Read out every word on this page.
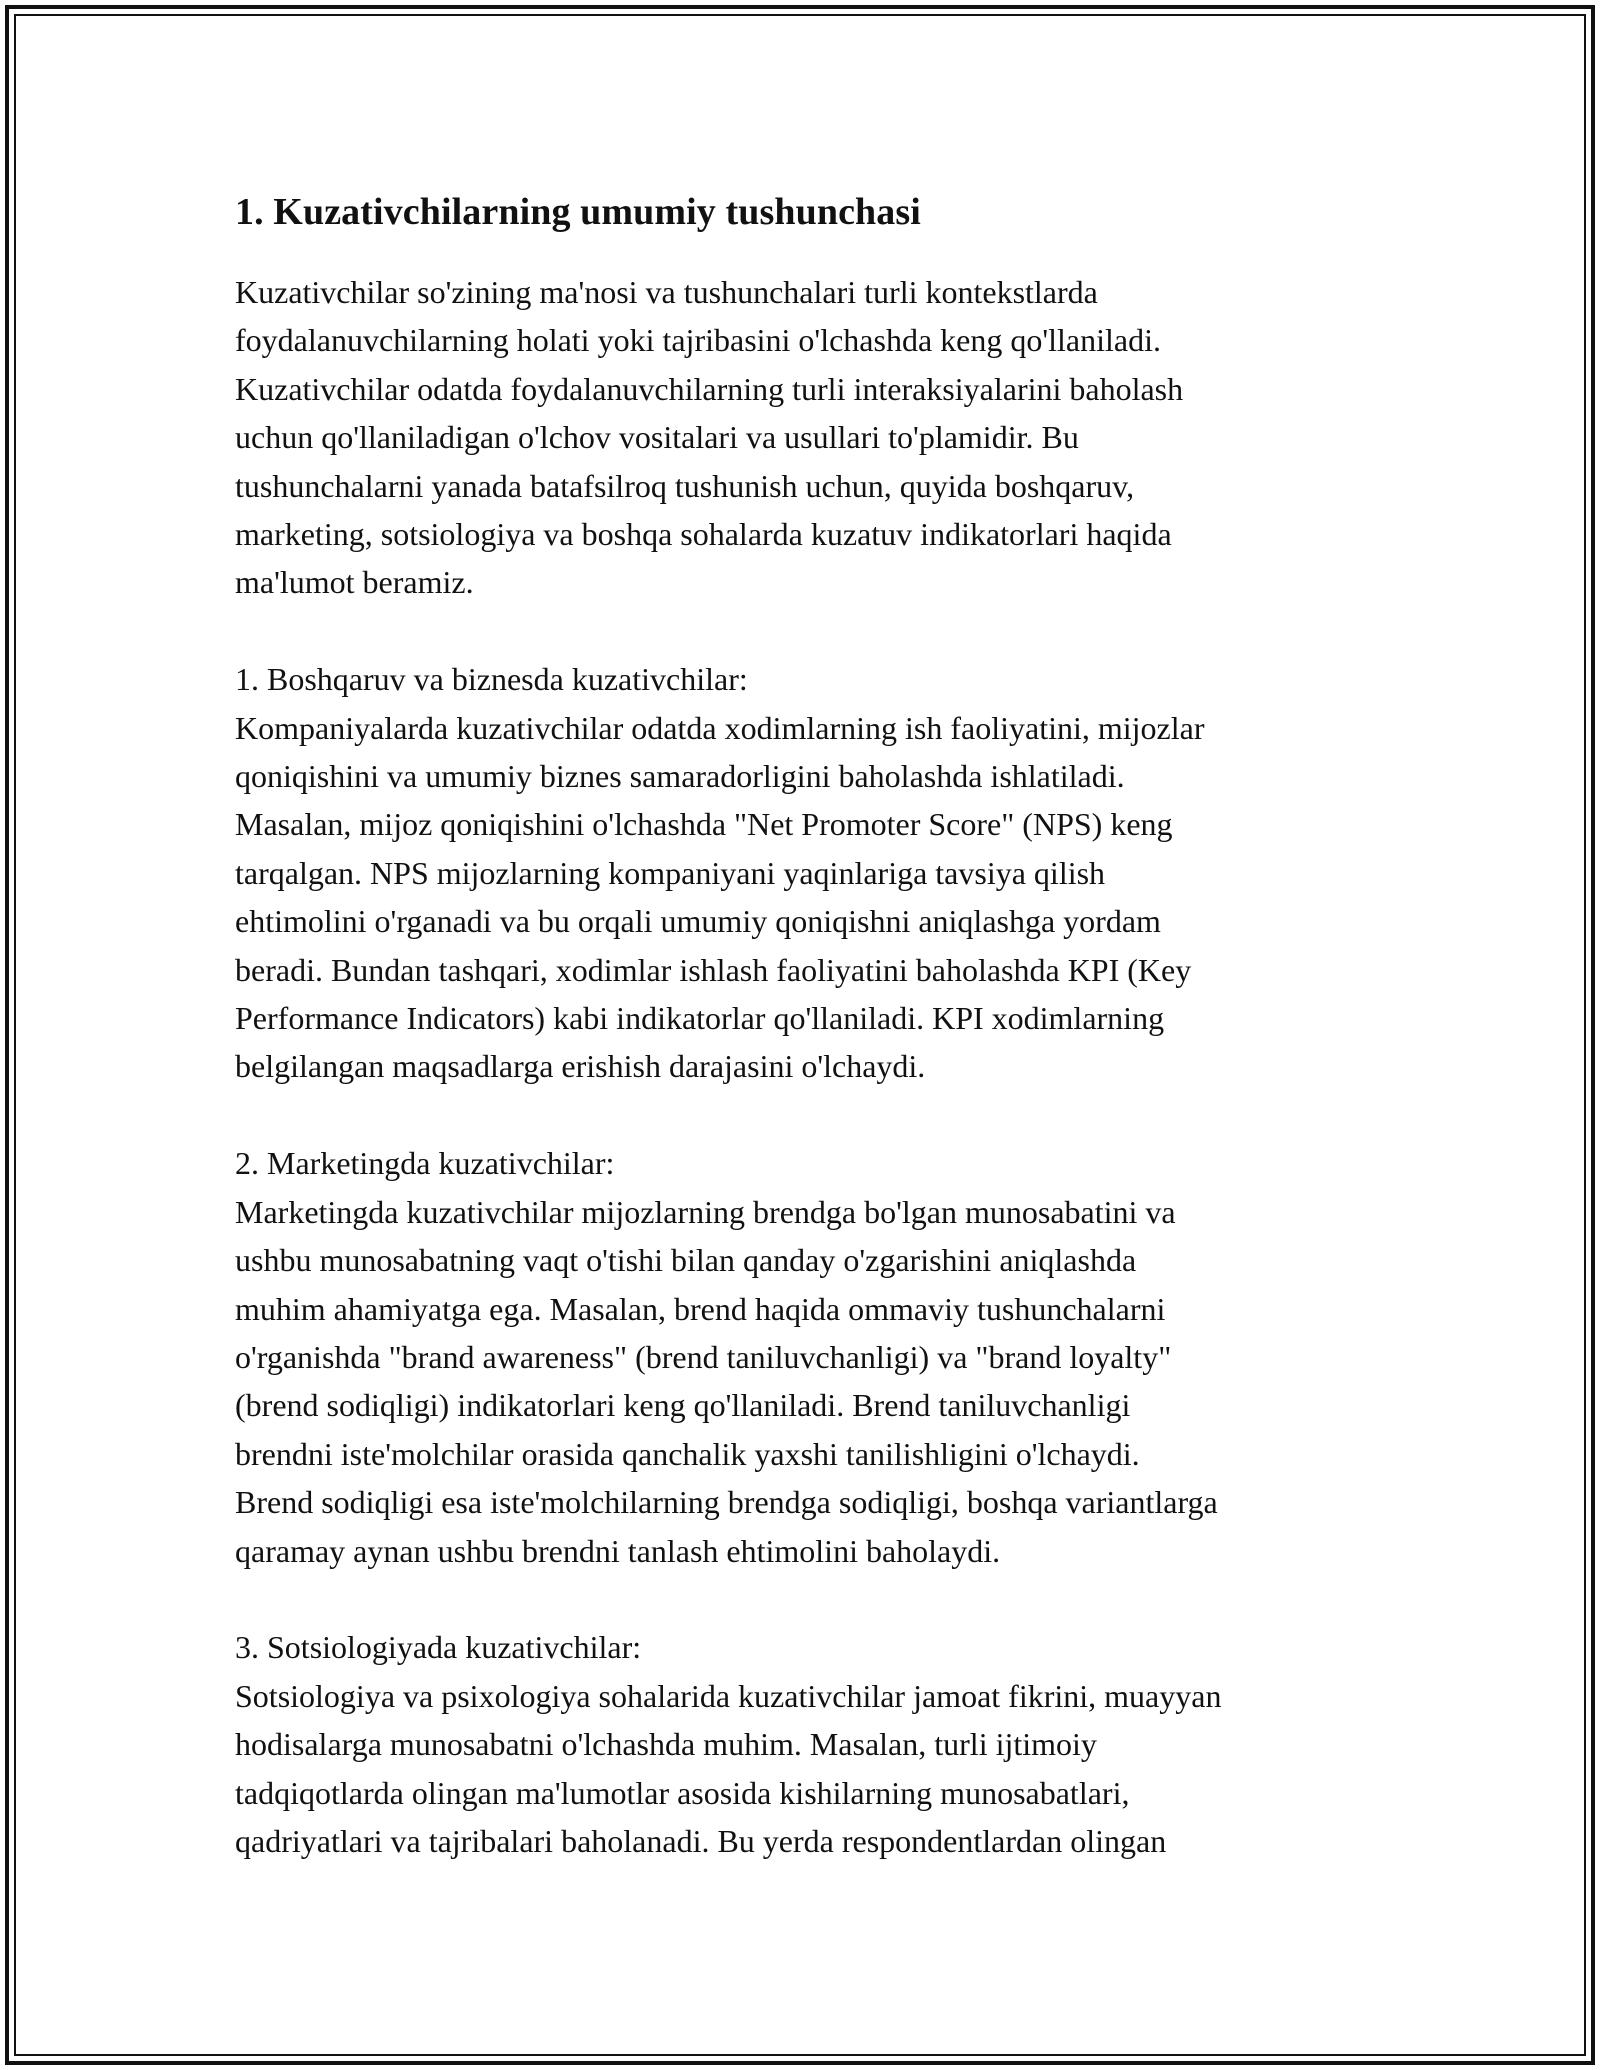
1. Kuzativchilarning umumiy tushunchasi

Kuzativchilar so'zining ma'nosi va tushunchalari turli kontekstlarda
foydalanuvchilarning holati yoki tajribasini o'lchashda keng qo'llaniladi.
Kuzativchilar odatda foydalanuvchilarning turli interaksiyalarini baholash
uchun qo'llaniladigan o'lchov vositalari va usullari to'plamidir. Bu
tushunchalarni yanada batafsilroq tushunish uchun, quyida boshqaruv,
marketing, sotsiologiya va boshqa sohalarda kuzatuv indikatorlari haqida
ma'lumot beramiz.

1. Boshqaruv va biznesda kuzativchilar:

Kompaniyalarda kuzativchilar odatda xodimlarning ish faoliyatini, mijozlar
qoniqishini va umumiy biznes samaradorligini baholashda ishlatiladi.
Masalan, mijoz qoniqishini o'lchashda "Net Promoter Score" (NPS) keng
tarqalgan. NPS mijozlarning kompaniyani yaqinlariga tavsiya qilish
ehtimolini o'rganadi va bu orqali umumiy qoniqishni aniqlashga yordam
beradi. Bundan tashqari, xodimlar ishlash faoliyatini baholashda KPI (Key
Performance Indicators) kabi indikatorlar qo'llaniladi. KPI xodimlarning
belgilangan maqsadlarga erishish darajasini o'lchaydi.

2. Marketingda kuzativchilar:

Marketingda kuzativchilar mijozlarning brendga bo'lgan munosabatini va
ushbu munosabatning vaqt o'tishi bilan qanday o'zgarishini aniqlashda
muhim ahamiyatga ega. Masalan, brend haqida ommaviy tushunchalarni
o'rganishda "brand awareness" (brend taniluvchanligi) va "brand loyalty"
(brend sodiqligi) indikatorlari keng qo'llaniladi. Brend taniluvchanligi
brendni iste'molchilar orasida qanchalik yaxshi tanilishligini o'lchaydi.
Brend sodiqligi esa iste'molchilarning brendga sodiqligi, boshqa variantlarga
qaramay aynan ushbu brendni tanlash ehtimolini baholaydi.

3. Sotsiologiyada kuzativchilar:

Sotsiologiya va psixologiya sohalarida kuzativchilar jamoat fikrini, muayyan
hodisalarga munosabatni o'lchashda muhim. Masalan, turli ijtimoiy
tadqiqotlarda olingan ma'lumotlar asosida kishilarning munosabatlari,
qadriyatlari va tajribalari baholanadi. Bu yerda respondentlardan olingan
